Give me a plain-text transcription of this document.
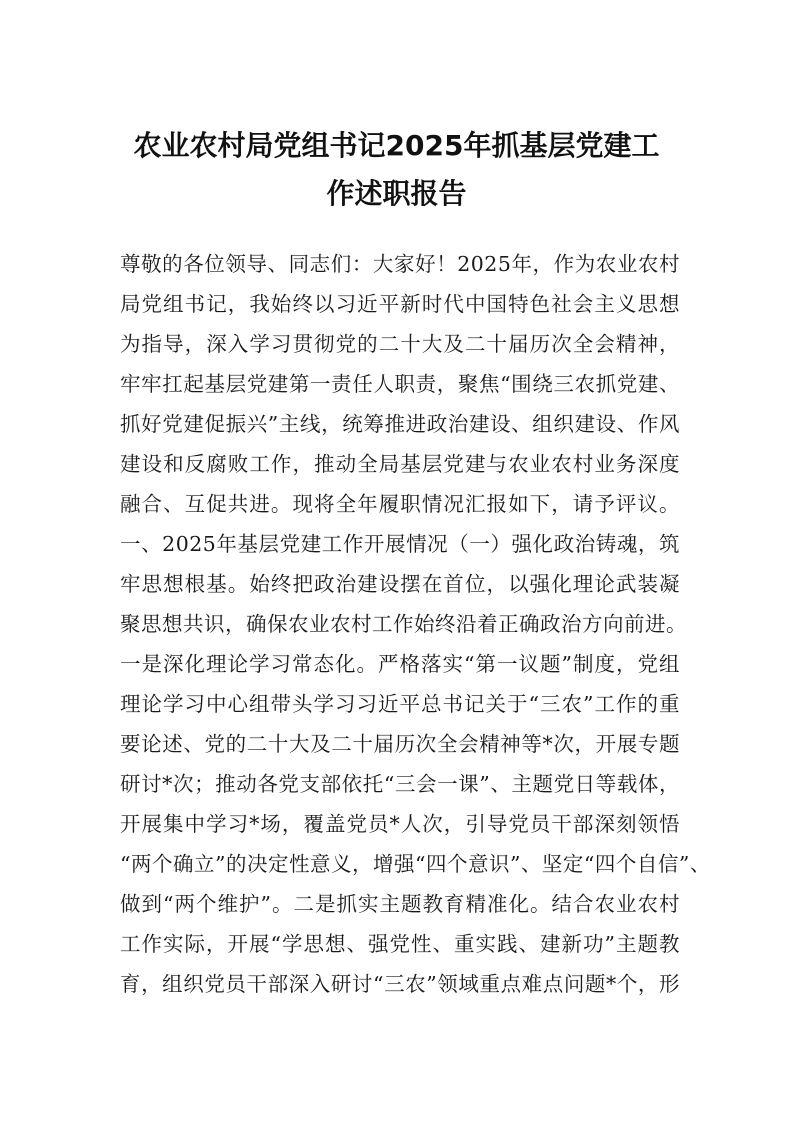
农业农村局党组书记2025年抓基层党建工
作述职报告
尊敬的各位领导、同志们：大家好！2025年，作为农业农村
局党组书记，我始终以习近平新时代中国特色社会主义思想
为指导，深入学习贯彻党的二十大及二十届历次全会精神，
牢牢扛起基层党建第一责任人职责，聚焦“围绕三农抓党建、
抓好党建促振兴”主线，统筹推进政治建设、组织建设、作风
建设和反腐败工作，推动全局基层党建与农业农村业务深度
融合、互促共进。现将全年履职情况汇报如下，请予评议。
一、2025年基层党建工作开展情况（一）强化政治铸魂，筑
牢思想根基。始终把政治建设摆在首位，以强化理论武装凝
聚思想共识，确保农业农村工作始终沿着正确政治方向前进。
一是深化理论学习常态化。严格落实“第一议题”制度，党组
理论学习中心组带头学习习近平总书记关于“三农”工作的重
要论述、党的二十大及二十届历次全会精神等*次，开展专题
研讨*次；推动各党支部依托“三会一课”、主题党日等载体，
开展集中学习*场，覆盖党员*人次，引导党员干部深刻领悟
“两个确立”的决定性意义，增强“四个意识”、坚定“四个自信”、
做到“两个维护”。二是抓实主题教育精准化。结合农业农村
工作实际，开展“学思想、强党性、重实践、建新功”主题教
育，组织党员干部深入研讨“三农”领域重点难点问题*个，形
